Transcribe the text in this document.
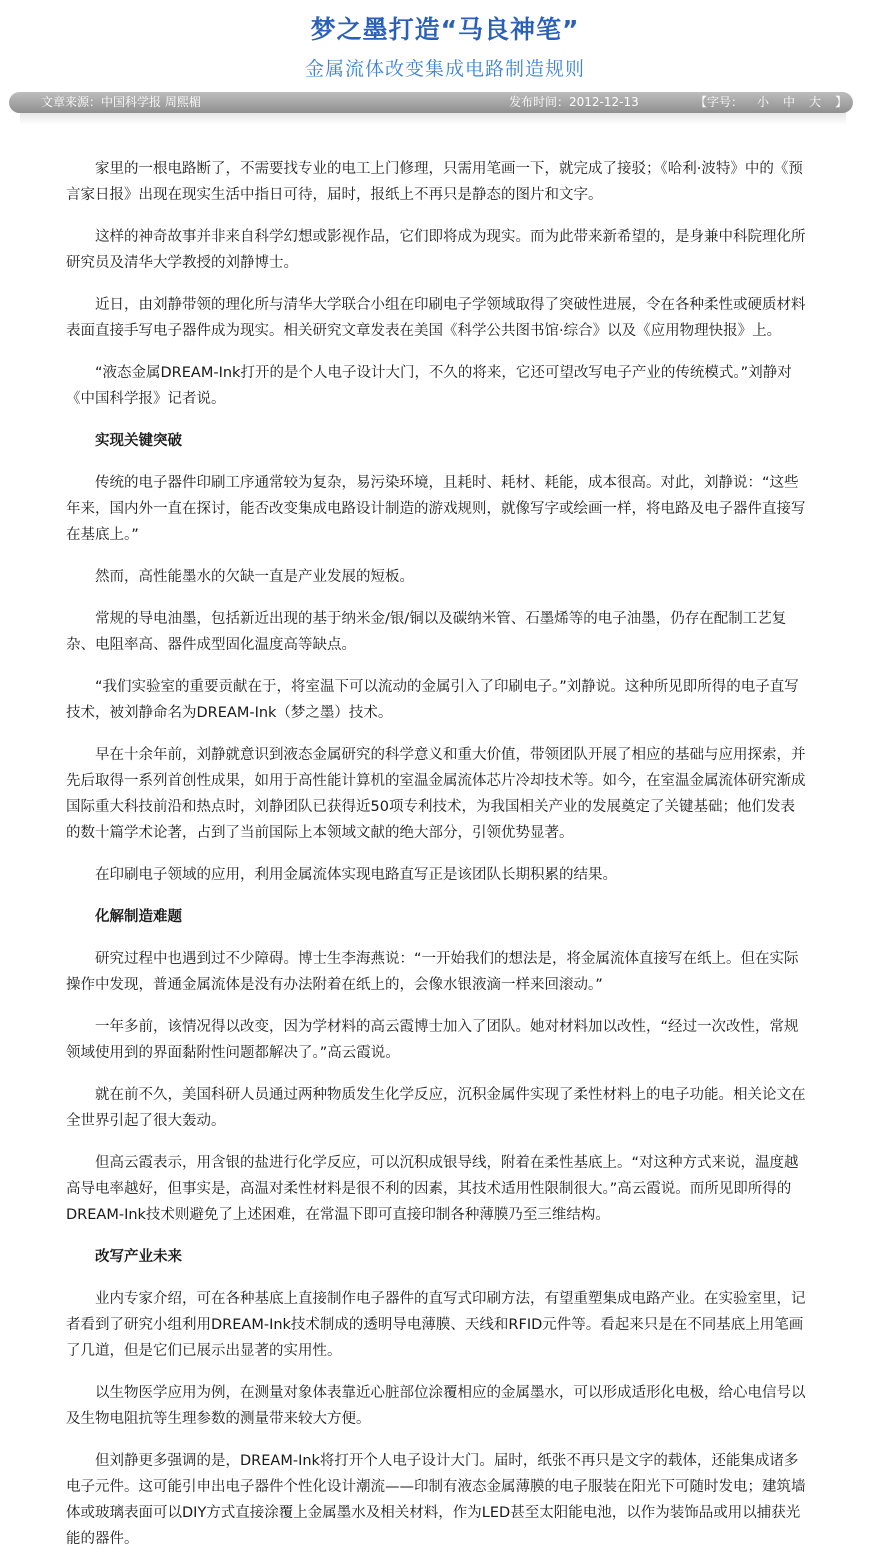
梦之墨打造“马良神笔”
金属流体改变集成电路制造规则
文章来源：中国科学报 周熙楣	发布时间：2012-12-13	【字号： 小 中 大 】

家里的一根电路断了，不需要找专业的电工上门修理，只需用笔画一下，就完成了接驳；《哈利·波特》中的《预言家日报》出现在现实生活中指日可待，届时，报纸上不再只是静态的图片和文字。

这样的神奇故事并非来自科学幻想或影视作品，它们即将成为现实。而为此带来新希望的，是身兼中科院理化所研究员及清华大学教授的刘静博士。

近日，由刘静带领的理化所与清华大学联合小组在印刷电子学领域取得了突破性进展，令在各种柔性或硬质材料表面直接手写电子器件成为现实。相关研究文章发表在美国《科学公共图书馆·综合》以及《应用物理快报》上。

“液态金属DREAM-Ink打开的是个人电子设计大门，不久的将来，它还可望改写电子产业的传统模式。”刘静对《中国科学报》记者说。

实现关键突破

传统的电子器件印刷工序通常较为复杂，易污染环境，且耗时、耗材、耗能，成本很高。对此，刘静说：“这些年来，国内外一直在探讨，能否改变集成电路设计制造的游戏规则，就像写字或绘画一样，将电路及电子器件直接写在基底上。”

然而，高性能墨水的欠缺一直是产业发展的短板。

常规的导电油墨，包括新近出现的基于纳米金/银/铜以及碳纳米管、石墨烯等的电子油墨，仍存在配制工艺复杂、电阻率高、器件成型固化温度高等缺点。

“我们实验室的重要贡献在于，将室温下可以流动的金属引入了印刷电子。”刘静说。这种所见即所得的电子直写技术，被刘静命名为DREAM-Ink（梦之墨）技术。

早在十余年前，刘静就意识到液态金属研究的科学意义和重大价值，带领团队开展了相应的基础与应用探索，并先后取得一系列首创性成果，如用于高性能计算机的室温金属流体芯片冷却技术等。如今，在室温金属流体研究渐成国际重大科技前沿和热点时，刘静团队已获得近50项专利技术，为我国相关产业的发展奠定了关键基础；他们发表的数十篇学术论著，占到了当前国际上本领域文献的绝大部分，引领优势显著。

在印刷电子领域的应用，利用金属流体实现电路直写正是该团队长期积累的结果。

化解制造难题

研究过程中也遇到过不少障碍。博士生李海燕说：“一开始我们的想法是，将金属流体直接写在纸上。但在实际操作中发现，普通金属流体是没有办法附着在纸上的，会像水银液滴一样来回滚动。”

一年多前，该情况得以改变，因为学材料的高云霞博士加入了团队。她对材料加以改性，“经过一次改性，常规领域使用到的界面黏附性问题都解决了。”高云霞说。

就在前不久，美国科研人员通过两种物质发生化学反应，沉积金属件实现了柔性材料上的电子功能。相关论文在全世界引起了很大轰动。

但高云霞表示，用含银的盐进行化学反应，可以沉积成银导线，附着在柔性基底上。“对这种方式来说，温度越高导电率越好，但事实是，高温对柔性材料是很不利的因素，其技术适用性限制很大。”高云霞说。而所见即所得的DREAM-Ink技术则避免了上述困难，在常温下即可直接印制各种薄膜乃至三维结构。

改写产业未来

业内专家介绍，可在各种基底上直接制作电子器件的直写式印刷方法，有望重塑集成电路产业。在实验室里，记者看到了研究小组利用DREAM-Ink技术制成的透明导电薄膜、天线和RFID元件等。看起来只是在不同基底上用笔画了几道，但是它们已展示出显著的实用性。

以生物医学应用为例，在测量对象体表靠近心脏部位涂覆相应的金属墨水，可以形成适形化电极，给心电信号以及生物电阻抗等生理参数的测量带来较大方便。

但刘静更多强调的是，DREAM-Ink将打开个人电子设计大门。届时，纸张不再只是文字的载体，还能集成诸多电子元件。这可能引申出电子器件个性化设计潮流——印制有液态金属薄膜的电子服装在阳光下可随时发电；建筑墙体或玻璃表面可以DIY方式直接涂覆上金属墨水及相关材料，作为LED甚至太阳能电池，以作为装饰品或用以捕获光能的器件。
